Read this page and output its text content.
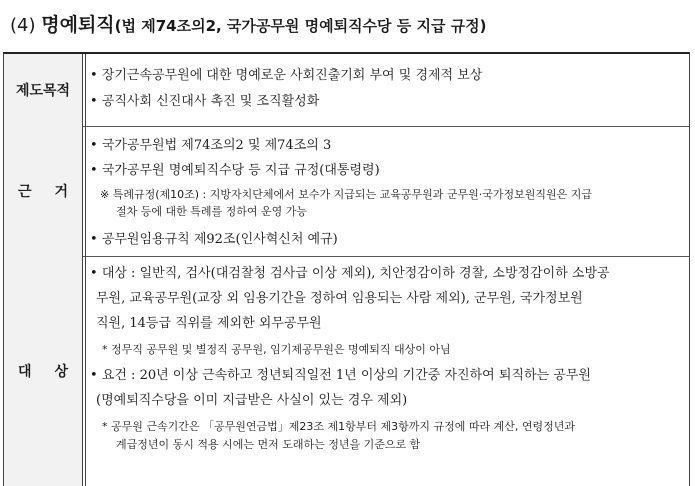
(4) 명예퇴직(법 제74조의2, 국가공무원 명예퇴직수당 등 지급 규정)
제도목적
• 장기근속공무원에 대한 명예로운 사회진출기회 부여 및 경제적 보상
• 공직사회 신진대사 촉진 및 조직활성화
근 거
• 국가공무원법 제74조의2 및 제74조의 3
• 국가공무원 명예퇴직수당 등 지급 규정(대통령령)
※ 특례규정(제10조) : 지방자치단체에서 보수가 지급되는 교육공무원과 군무원·국가정보원직원은 지급
절차 등에 대한 특례를 정하여 운영 가능
• 공무원임용규칙 제92조(인사혁신처 예규)
대 상
• 대상 : 일반직, 검사(대검찰청 검사급 이상 제외), 치안정감이하 경찰, 소방정감이하 소방공
무원, 교육공무원(교장 외 임용기간을 정하여 임용되는 사람 제외), 군무원, 국가정보원
직원, 14등급 직위를 제외한 외무공무원
* 정무직 공무원 및 별정직 공무원, 임기제공무원은 명예퇴직 대상이 아님
• 요건 : 20년 이상 근속하고 정년퇴직일전 1년 이상의 기간중 자진하여 퇴직하는 공무원
(명예퇴직수당을 이미 지급받은 사실이 있는 경우 제외)
* 공무원 근속기간은 「공무원연금법」제23조 제1항부터 제3항까지 규정에 따라 계산, 연령정년과
계급정년이 동시 적용 시에는 먼저 도래하는 정년을 기준으로 함
